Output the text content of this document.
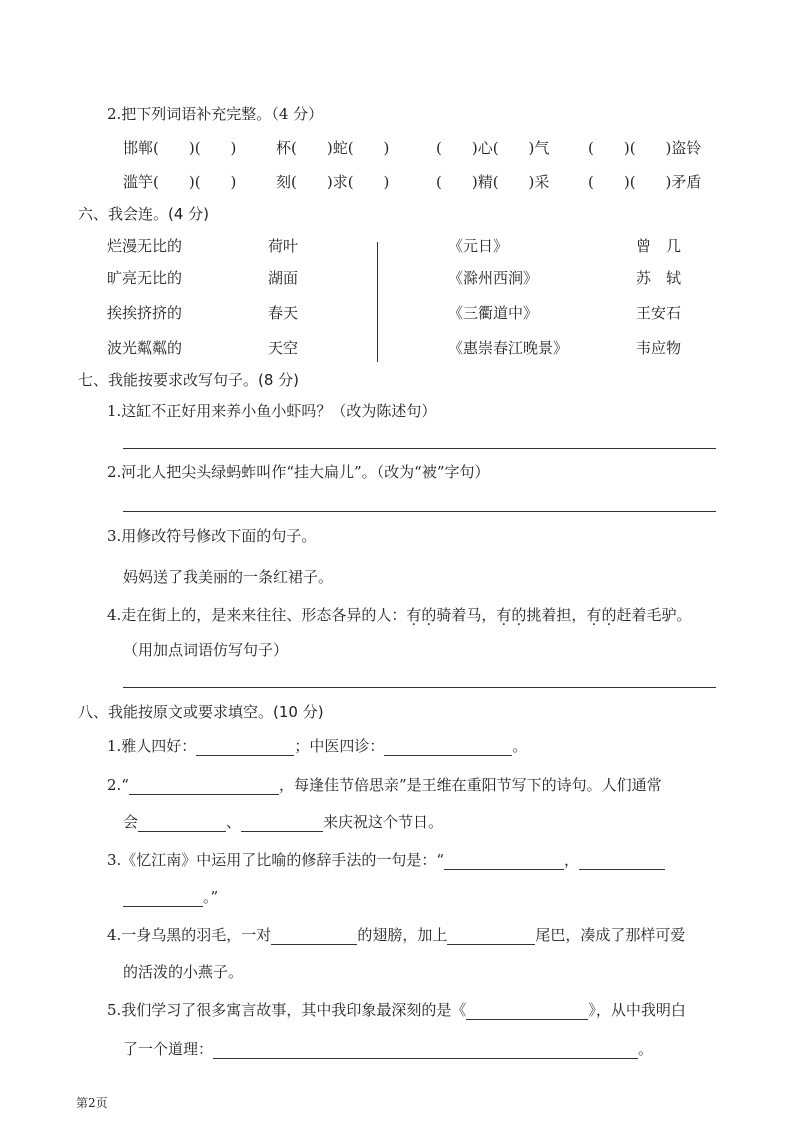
2.把下列词语补充完整。（4 分）
邯郸(　　)(　　)	杯(　　)蛇(　　)	(　　)心(　　)气	(　　)(　　)盗铃
滥竽(　　)(　　)	刻(　　)求(　　)	(　　)精(　　)采	(　　)(　　)矛盾
六、我会连。(4 分)
烂漫无比的	荷叶
旷亮无比的	湖面
挨挨挤挤的	春天
波光粼粼的	天空
《元日》	曾　几
《滁州西涧》	苏　轼
《三衢道中》	王安石
《惠崇春江晚景》	韦应物
七、我能按要求改写句子。(8 分)
1.这缸不正好用来养小鱼小虾吗？（改为陈述句）
2.河北人把尖头绿蚂蚱叫作“挂大扁儿”。（改为“被”字句）
3.用修改符号修改下面的句子。
妈妈送了我美丽的一条红裙子。
4.走在街上的，是来来往往、形态各异的人：有的骑着马，有的挑着担，有的赶着毛驴。
（用加点词语仿写句子）
八、我能按原文或要求填空。(10 分)
1.雅人四好：	；中医四诊：	。
2.“	，每逢佳节倍思亲”是王维在重阳节写下的诗句。人们通常
会	、	来庆祝这个节日。
3.《忆江南》中运用了比喻的修辞手法的一句是：“	，
。”
4.一身乌黑的羽毛，一对	的翅膀，加上	尾巴，凑成了那样可爱
的活泼的小燕子。
5.我们学习了很多寓言故事，其中我印象最深刻的是《	》，从中我明白
了一个道理：	。
第2页
